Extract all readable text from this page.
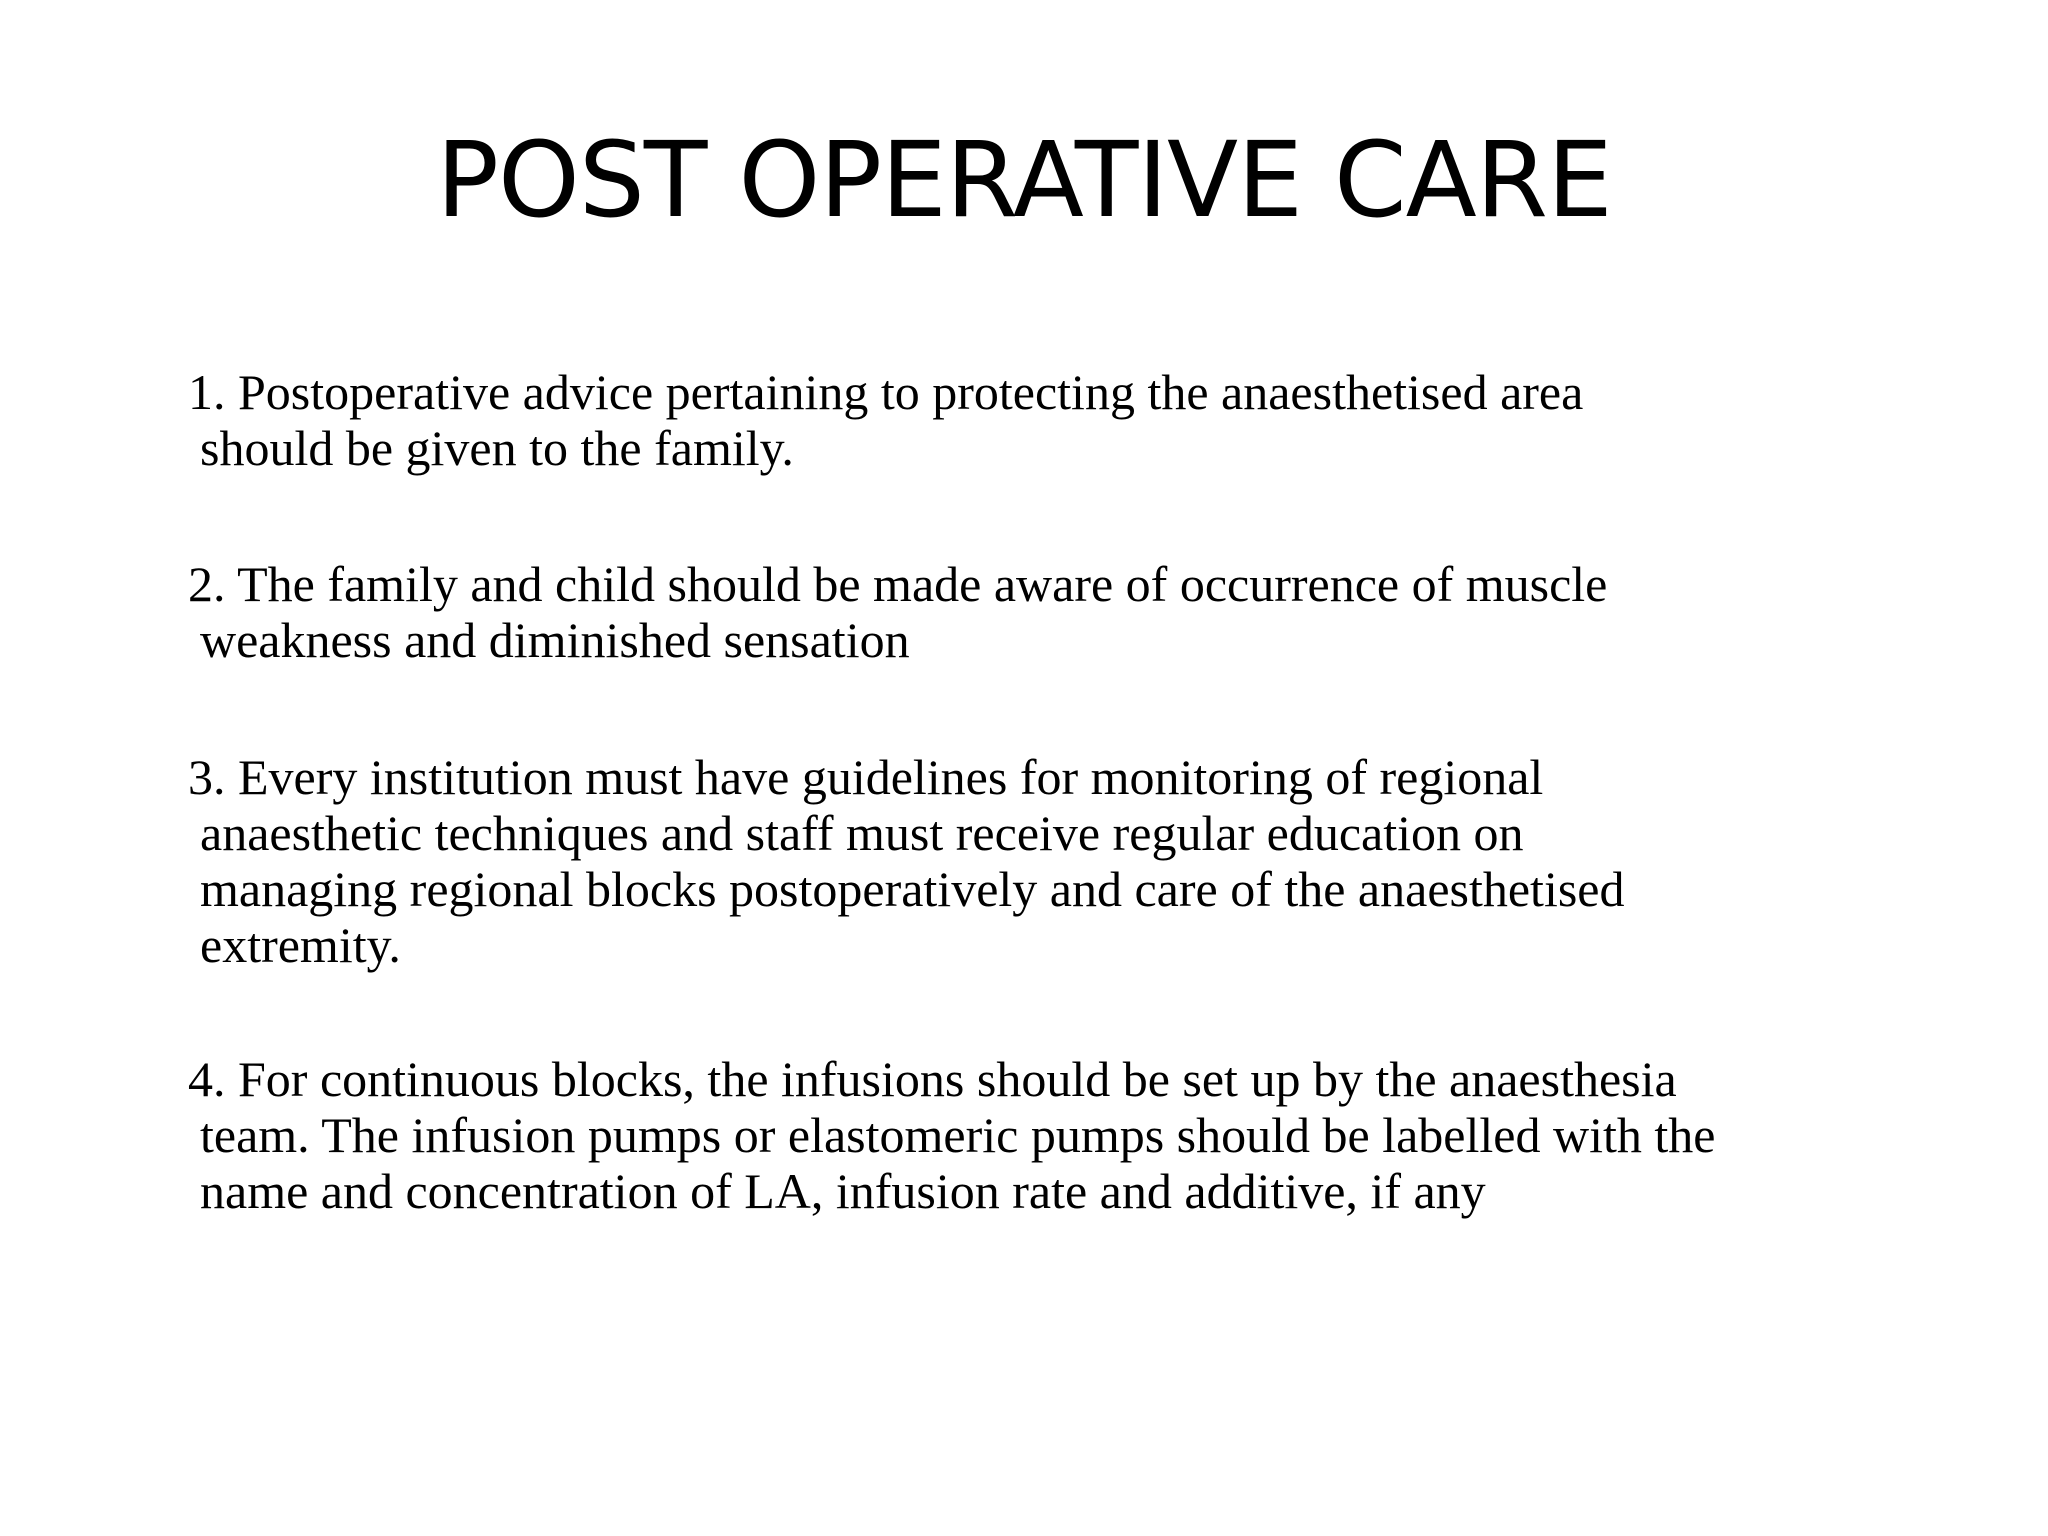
POST OPERATIVE CARE

1. Postoperative advice pertaining to protecting the anaesthetised area
should be given to the family.

2. The family and child should be made aware of occurrence of muscle
weakness and diminished sensation

3. Every institution must have guidelines for monitoring of regional
anaesthetic techniques and staff must receive regular education on
managing regional blocks postoperatively and care of the anaesthetised
extremity.

4. For continuous blocks, the infusions should be set up by the anaesthesia
team. The infusion pumps or elastomeric pumps should be labelled with the
name and concentration of LA, infusion rate and additive, if any
